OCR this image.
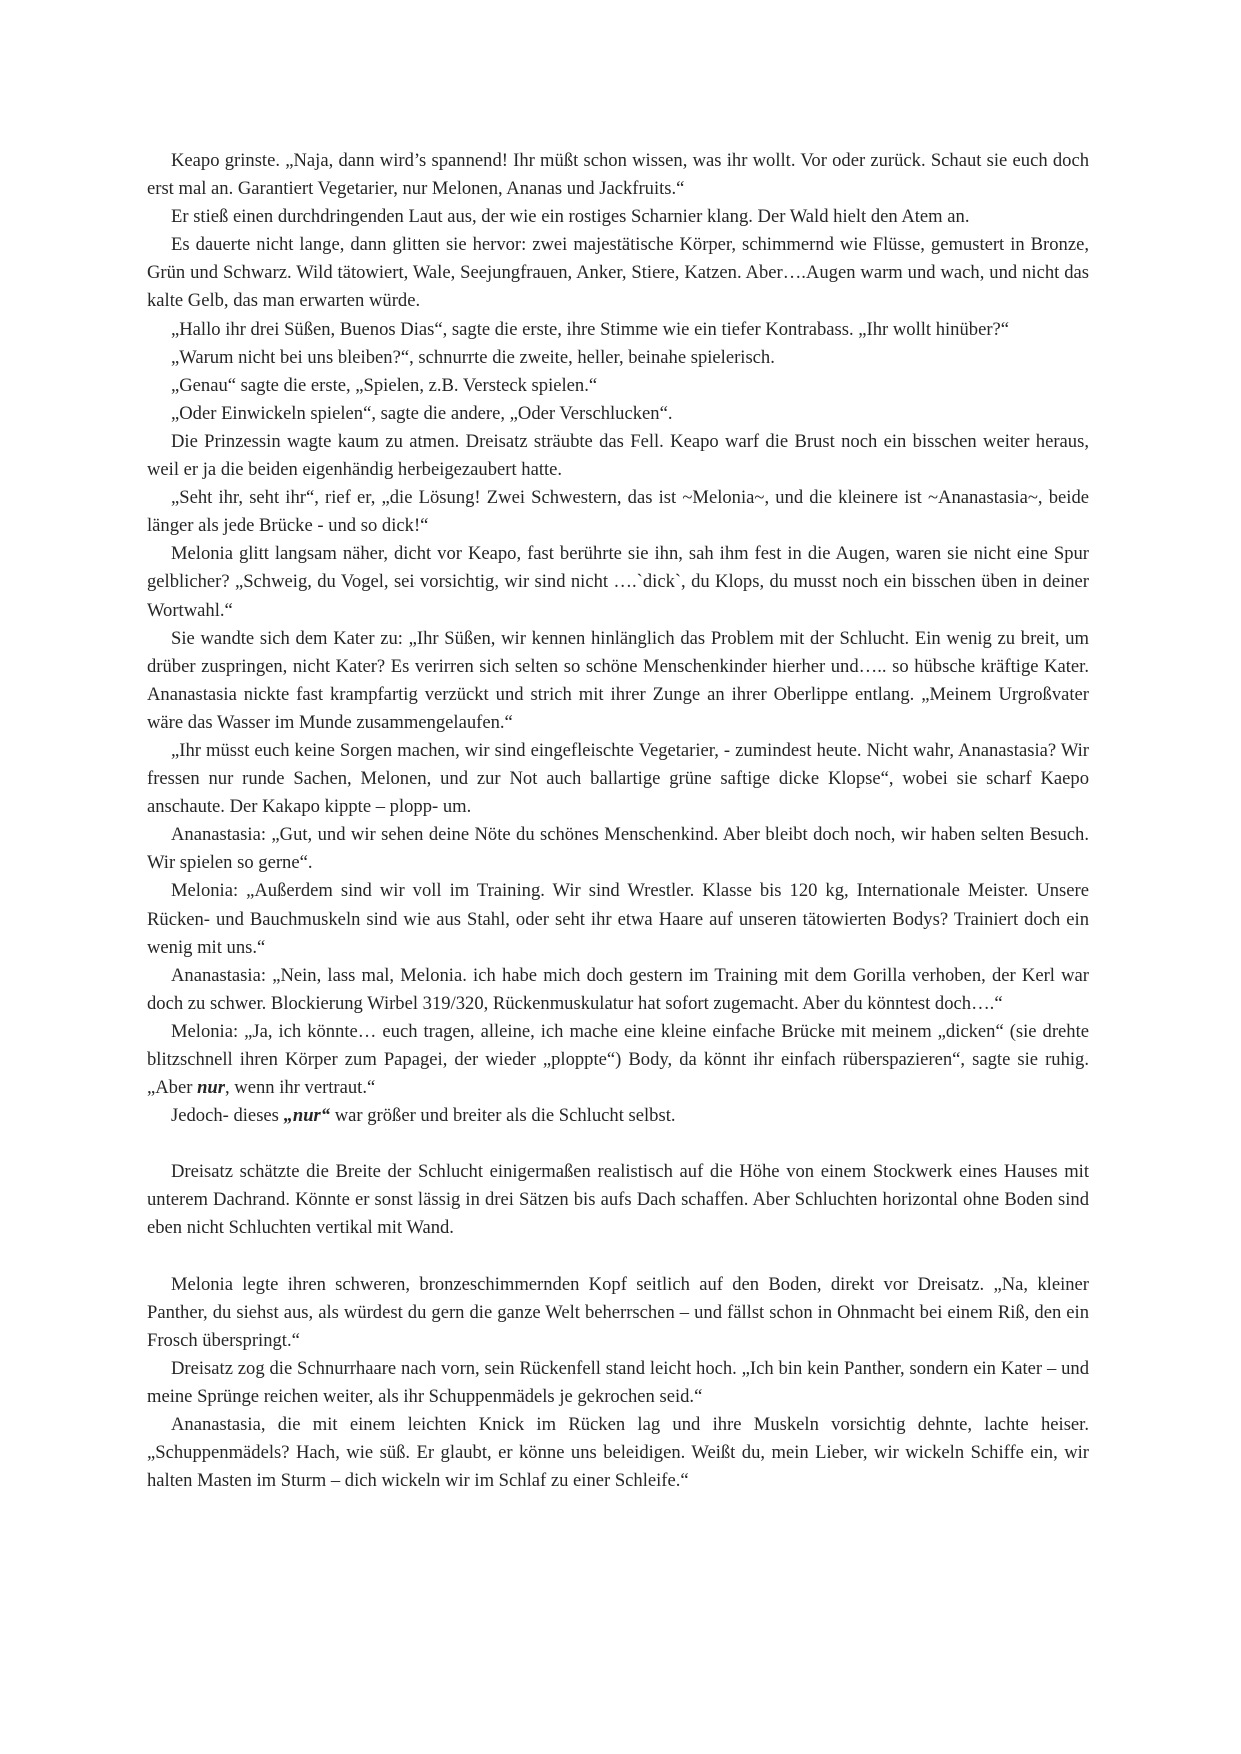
Keapo grinste. „Naja, dann wird’s spannend! Ihr müßt schon wissen, was ihr wollt. Vor oder zurück. Schaut sie euch doch erst mal an. Garantiert Vegetarier, nur Melonen, Ananas und Jackfruits.“

Er stieß einen durchdringenden Laut aus, der wie ein rostiges Scharnier klang. Der Wald hielt den Atem an.

Es dauerte nicht lange, dann glitten sie hervor: zwei majestätische Körper, schimmernd wie Flüsse, gemustert in Bronze, Grün und Schwarz. Wild tätowiert, Wale, Seejungfrauen, Anker, Stiere, Katzen. Aber….Augen warm und wach, und nicht das kalte Gelb, das man erwarten würde.

„Hallo ihr drei Süßen, Buenos Dias“, sagte die erste, ihre Stimme wie ein tiefer Kontrabass. „Ihr wollt hinüber?“

„Warum nicht bei uns bleiben?“, schnurrte die zweite, heller, beinahe spielerisch.

„Genau“ sagte die erste, „Spielen, z.B. Versteck spielen.“

„Oder Einwickeln spielen“, sagte die andere, „Oder Verschlucken“.

Die Prinzessin wagte kaum zu atmen. Dreisatz sträubte das Fell. Keapo warf die Brust noch ein bisschen weiter heraus, weil er ja die beiden eigenhändig herbeigezaubert hatte.

„Seht ihr, seht ihr“, rief er, „die Lösung! Zwei Schwestern, das ist ~Melonia~, und die kleinere ist ~Ananastasia~, beide länger als jede Brücke - und so dick!“

Melonia glitt langsam näher, dicht vor Keapo, fast berührte sie ihn, sah ihm fest in die Augen, waren sie nicht eine Spur gelblicher? „Schweig, du Vogel, sei vorsichtig, wir sind nicht ….`dick`, du Klops, du musst noch ein bisschen üben in deiner Wortwahl.“

Sie wandte sich dem Kater zu: „Ihr Süßen, wir kennen hinlänglich das Problem mit der Schlucht. Ein wenig zu breit, um drüber zuspringen, nicht Kater? Es verirren sich selten so schöne Menschenkinder hierher und….. so hübsche kräftige Kater. Ananastasia nickte fast krampfartig verzückt und strich mit ihrer Zunge an ihrer Oberlippe entlang. „Meinem Urgroßvater wäre das Wasser im Munde zusammengelaufen.“

„Ihr müsst euch keine Sorgen machen, wir sind eingefleischte Vegetarier, - zumindest heute. Nicht wahr, Ananastasia? Wir fressen nur runde Sachen, Melonen, und zur Not auch ballartige grüne saftige dicke Klopse“, wobei sie scharf Kaepo anschaute. Der Kakapo kippte – plopp- um.

Ananastasia: „Gut, und wir sehen deine Nöte du schönes Menschenkind. Aber bleibt doch noch, wir haben selten Besuch. Wir spielen so gerne“.

Melonia: „Außerdem sind wir voll im Training. Wir sind Wrestler. Klasse bis 120 kg, Internationale Meister. Unsere Rücken- und Bauchmuskeln sind wie aus Stahl, oder seht ihr etwa Haare auf unseren tätowierten Bodys? Trainiert doch ein wenig mit uns.“

Ananastasia: „Nein, lass mal, Melonia. ich habe mich doch gestern im Training mit dem Gorilla verhoben, der Kerl war doch zu schwer. Blockierung Wirbel 319/320, Rückenmuskulatur hat sofort zugemacht. Aber du könntest doch….“

Melonia: „Ja, ich könnte… euch tragen, alleine, ich mache eine kleine einfache Brücke mit meinem „dicken“ (sie drehte blitzschnell ihren Körper zum Papagei, der wieder „ploppte“) Body, da könnt ihr einfach rüberspazieren“, sagte sie ruhig. „Aber nur, wenn ihr vertraut.“

Jedoch- dieses „nur“ war größer und breiter als die Schlucht selbst.

Dreisatz schätzte die Breite der Schlucht einigermaßen realistisch auf die Höhe von einem Stockwerk eines Hauses mit unterem Dachrand. Könnte er sonst lässig in drei Sätzen bis aufs Dach schaffen. Aber Schluchten horizontal ohne Boden sind eben nicht Schluchten vertikal mit Wand.

Melonia legte ihren schweren, bronzeschimmernden Kopf seitlich auf den Boden, direkt vor Dreisatz. „Na, kleiner Panther, du siehst aus, als würdest du gern die ganze Welt beherrschen – und fällst schon in Ohnmacht bei einem Riß, den ein Frosch überspringt.“

Dreisatz zog die Schnurrhaare nach vorn, sein Rückenfell stand leicht hoch. „Ich bin kein Panther, sondern ein Kater – und meine Sprünge reichen weiter, als ihr Schuppenmädels je gekrochen seid.“

Ananastasia, die mit einem leichten Knick im Rücken lag und ihre Muskeln vorsichtig dehnte, lachte heiser. „Schuppenmädels? Hach, wie süß. Er glaubt, er könne uns beleidigen. Weißt du, mein Lieber, wir wickeln Schiffe ein, wir halten Masten im Sturm – dich wickeln wir im Schlaf zu einer Schleife.“
